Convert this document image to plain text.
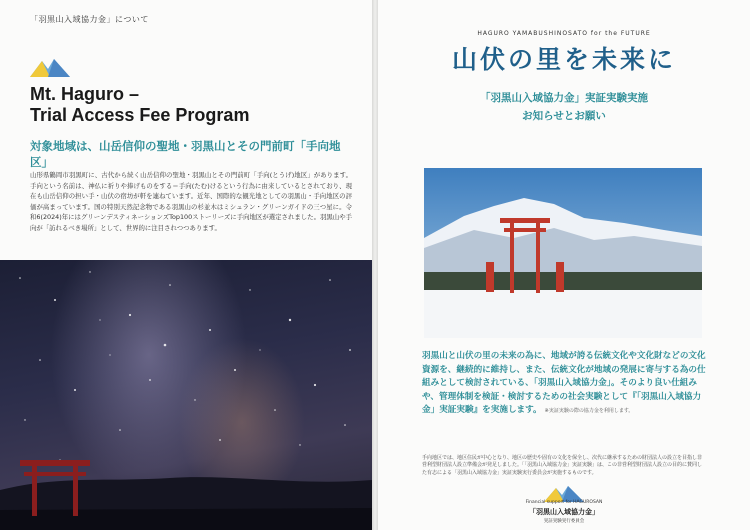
「羽黒山入域協力金」について
Mt. Haguro –
Trial Access Fee Program
対象地域は、山岳信仰の聖地・羽黒山とその門前町「手向地区」

山形県鶴岡市羽黒町に、古代から続く山岳信仰の聖地・羽黒山とその門前町「手向(とうげ)地区」があります。手向という名前は、神仏に祈りや捧げものをする＝手向(たむ)けるという行為に由来しているとされており、現在も山岳信仰の担い手・山伏の宿坊が軒を連ねています。近年、国際的な観光地としての羽黒山・手向地区の評価が高まっています。国の特別天然記念物である羽黒山の杉並木はミシュラン・グリーンガイドの三つ星に。令和6(2024)年にはグリーンデスティネーションズTop100ストーリーズに手向地区が選定されました。羽黒山や手向が「訪れるべき場所」として、世界的に注目されつつあります。

HAGURO YAMABUSHINOSATO for the FUTURE
山伏の里を未来に
「羽黒山入域協力金」実証実験実施
お知らせとお願い

羽黒山と山伏の里の未来の為に、地域が誇る伝統文化や文化財などの文化資源を、継続的に維持し、また、伝統文化が地域の発展に寄与する為の仕組みとして検討されている、「羽黒山入域協力金」。そのより良い仕組みや、管理体制を検証・検討するための社会実験として『「羽黒山入域協力金」実証実験』を実施します。 ※実証実験の際の協力金を利用します。

手向地区では、地区住民が中心となり、地区の歴史や固有の文化を保全し、次代に継承するための財団法人の設立を目指し非営利型財団法人設立準備会が発足しました。「「羽黒山入域協力金」実証実験」は、この非営利型財団法人設立の目的に賛同した有志による「羽黒山入域協力金」実証実験実行委員会が実施するものです。

Financial support for HAGUROSAN
「羽黒山入域協力金」
実証実験実行委員会
